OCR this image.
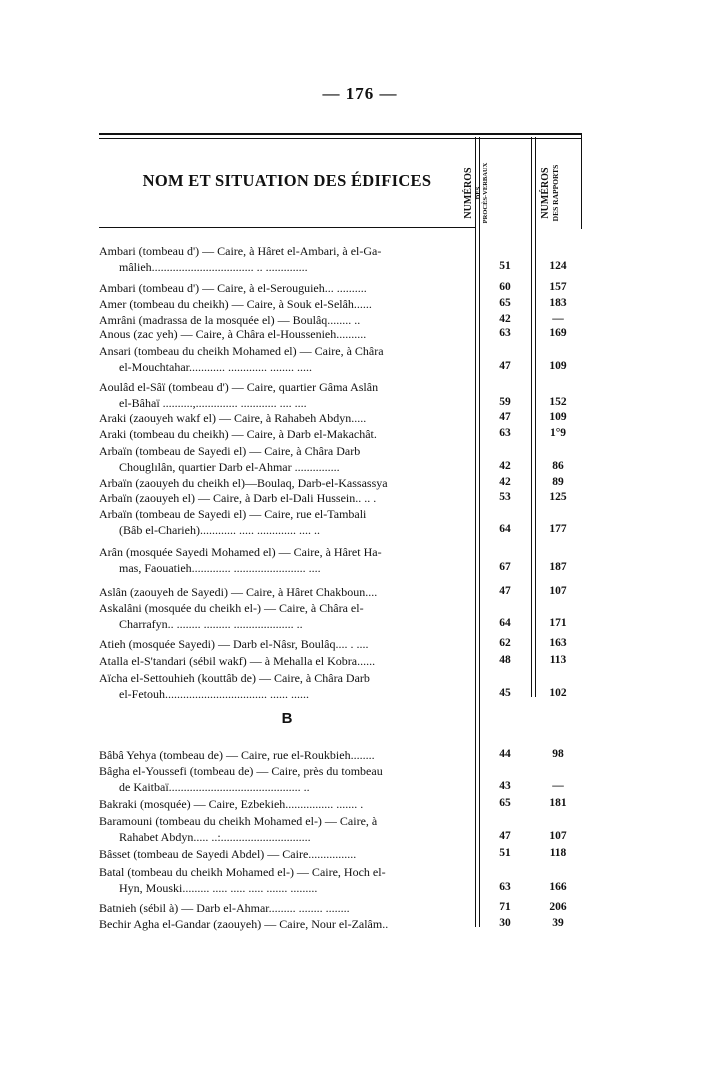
— 176 —
NOM ET SITUATION DES ÉDIFICES	NUMÉROS DES PROCÈS-VERBAUX	NUMÉROS DES RAPPORTS
B
Ambari (tombeau d') — Caire, à Hâret el-Ambari, à el-Ga-
mâlieh.................................. .. ..............	51	124
Ambari (tombeau d') — Caire, à el-Serouguieh... ..........	60	157
Amer (tombeau du cheikh) — Caire, à Souk el-Selâh......	65	183
Amrâni (madrassa de la mosquée el) — Boulâq........ ..	42	—
Anous (zac yeh) — Caire, à Châra el-Houssenieh..........	63	169
Ansari (tombeau du cheikh Mohamed el) — Caire, à Châra
el-Mouchtahar............ ............. ........ .....	47	109
Aoulâd el-Sâï (tombeau d') — Caire, quartier Gâma Aslân
el-Bâhaï ..........,.............. ............ .... ....	59	152
Araki (zaouyeh wakf el) — Caire, à Rahabeh Abdyn.....	47	109
Araki (tombeau du cheikh) — Caire, à Darb el-Makachât.	63	1°9
Arbaïn (tombeau de Sayedi el) — Caire, à Châra Darb
Chouglılân, quartier Darb el-Ahmar ...............	42	86
Arbaïn (zaouyeh du cheikh el)—Boulaq, Darb-el-Kassassya	42	89
Arbaïn (zaouyeh el) — Caire, à Darb el-Dali Hussein.. .. .	53	125
Arbaïn (tombeau de Sayedi el) — Caire, rue el-Tambali
(Bâb el-Charieh)............ ..... ............. .... ..	64	177
Arân (mosquée Sayedi Mohamed el) — Caire, à Hâret Ha-
mas, Faouatieh............. ........................ ....	67	187
Aslân (zaouyeh de Sayedi) — Caire, à Hâret Chakboun....	47	107
Askalâni (mosquée du cheikh el-) — Caire, à Châra el-
Charrafyn.. ........ ......... .................... ..	64	171
Atieh (mosquée Sayedi) — Darb el-Nâsr, Boulâq.... . ....	62	163
Atalla el-S'tandari (sébil wakf) — à Mehalla el Kobra......	48	113
Aïcha el-Settouhieh (kouttâb de) — Caire, à Châra Darb
el-Fetouh.................................. ...... ......	45	102
Bâbâ Yehya (tombeau de) — Caire, rue el-Roukbieh........	44	98
Bâgha el-Youssefi (tombeau de) — Caire, près du tombeau
de Kaitbaï............................................ ..	43	—
Bakraki (mosquée) — Caire, Ezbekieh................ ....... .	65	181
Baramouni (tombeau du cheikh Mohamed el-) — Caire, à
Rahabet Abdyn..... ..:..............................	47	107
Bâsset (tombeau de Sayedi Abdel) — Caire................	51	118
Batal (tombeau du cheikh Mohamed el-) — Caire, Hoch el-
Hyn, Mouski......... ..... ..... ..... ....... .........	63	166
Batnieh (sébil à) — Darb el-Ahmar......... ........ ........	71	206
Bechir Agha el-Gandar (zaouyeh) — Caire, Nour el-Zalâm..	30	39
